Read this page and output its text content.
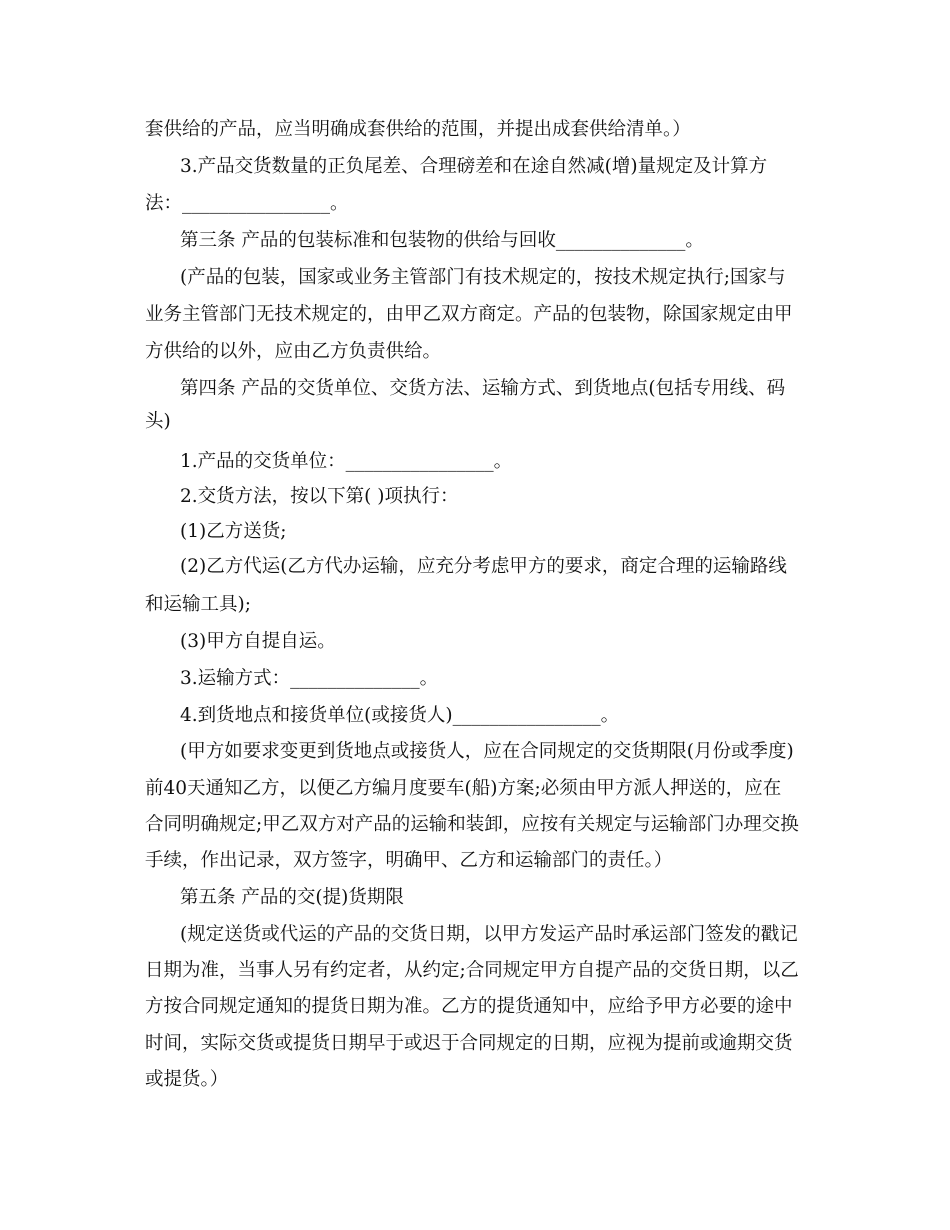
套供给的产品，应当明确成套供给的范围，并提出成套供给清单。）
3.产品交货数量的正负尾差、合理磅差和在途自然减(增)量规定及计算方
法：________________。
第三条 产品的包装标准和包装物的供给与回收______________。
(产品的包装，国家或业务主管部门有技术规定的，按技术规定执行;国家与
业务主管部门无技术规定的，由甲乙双方商定。产品的包装物，除国家规定由甲
方供给的以外，应由乙方负责供给。
第四条 产品的交货单位、交货方法、运输方式、到货地点(包括专用线、码
头)
1.产品的交货单位：________________。
2.交货方法，按以下第( )项执行：
(1)乙方送货;
(2)乙方代运(乙方代办运输，应充分考虑甲方的要求，商定合理的运输路线
和运输工具);
(3)甲方自提自运。
3.运输方式：______________。
4.到货地点和接货单位(或接货人)________________。
(甲方如要求变更到货地点或接货人，应在合同规定的交货期限(月份或季度)
前40天通知乙方，以便乙方编月度要车(船)方案;必须由甲方派人押送的，应在
合同明确规定;甲乙双方对产品的运输和装卸，应按有关规定与运输部门办理交换
手续，作出记录，双方签字，明确甲、乙方和运输部门的责任。）
第五条 产品的交(提)货期限
(规定送货或代运的产品的交货日期，以甲方发运产品时承运部门签发的戳记
日期为准，当事人另有约定者，从约定;合同规定甲方自提产品的交货日期，以乙
方按合同规定通知的提货日期为准。乙方的提货通知中，应给予甲方必要的途中
时间，实际交货或提货日期早于或迟于合同规定的日期，应视为提前或逾期交货
或提货。）
